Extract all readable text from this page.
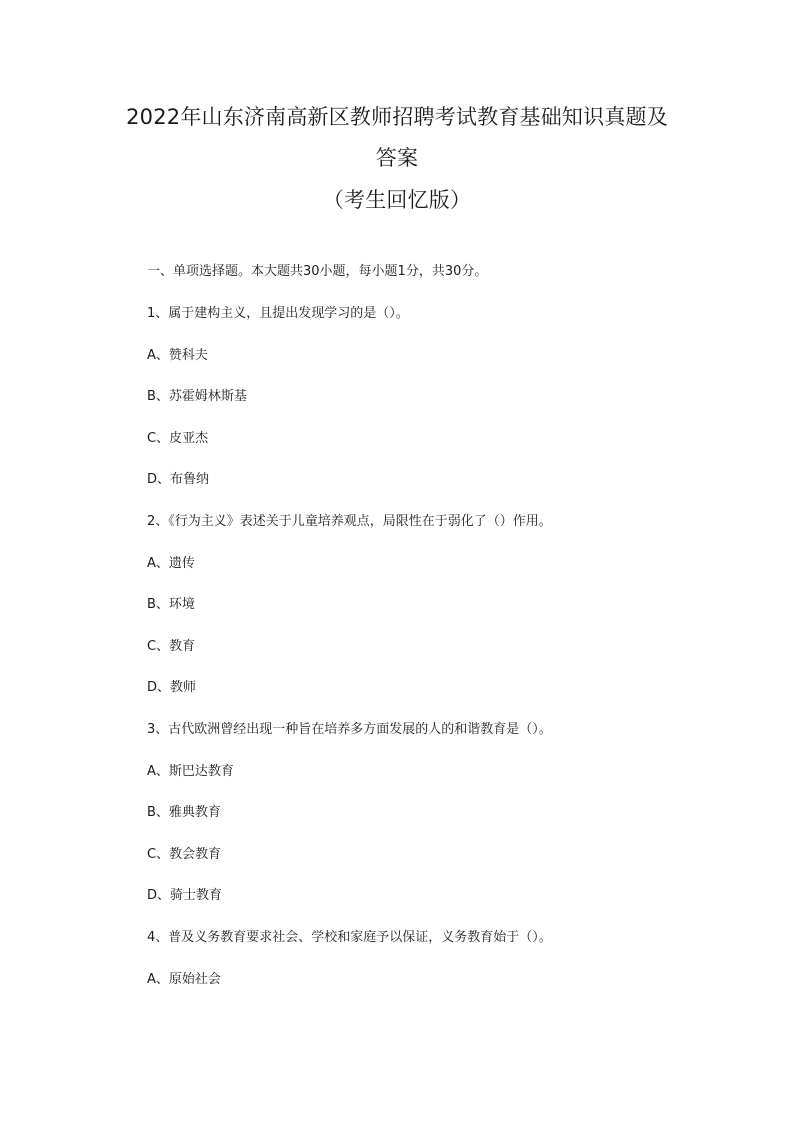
2022年山东济南高新区教师招聘考试教育基础知识真题及
答案
（考生回忆版）
一、单项选择题。本大题共30小题，每小题1分，共30分。
1、属于建构主义，且提出发现学习的是（）。
A、赞科夫
B、苏霍姆林斯基
C、皮亚杰
D、布鲁纳
2、《行为主义》表述关于儿童培养观点，局限性在于弱化了（）作用。
A、遗传
B、环境
C、教育
D、教师
3、古代欧洲曾经出现一种旨在培养多方面发展的人的和谐教育是（）。
A、斯巴达教育
B、雅典教育
C、教会教育
D、骑士教育
4、普及义务教育要求社会、学校和家庭予以保证，义务教育始于（）。
A、原始社会
